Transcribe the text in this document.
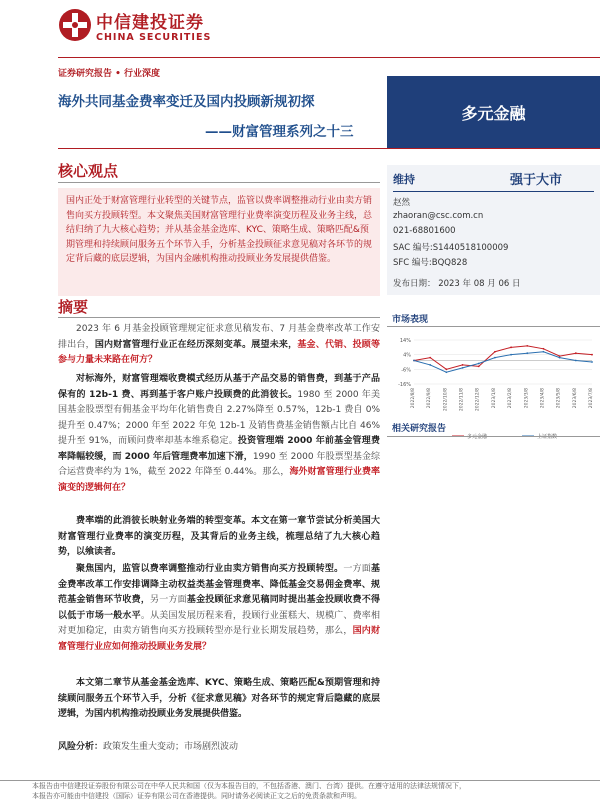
中信建投证券
CHINA SECURITIES
证券研究报告 • 行业深度
海外共同基金费率变迁及国内投顾新规初探
——财富管理系列之十三
多元金融
核心观点
国内正处于财富管理行业转型的关键节点，监管以费率调整推动行业由卖方销售向买方投顾转型。本文聚焦美国财富管理行业费率演变历程及业务主线，总结归纳了九大核心趋势；并从基金基金选库、KYC、策略生成、策略匹配&预期管理和持续顾问服务五个环节入手，分析基金投顾征求意见稿对各环节的规定背后藏的底层逻辑，为国内金融机构推动投顾业务发展提供借鉴。
摘要
2023 年 6 月基金投顾管理规定征求意见稿发布、7 月基金费率改革工作安排出台，国内财富管理行业正在经历深刻变革。展望未来，基金、代销、投顾等参与力量未来路在何方？
对标海外，财富管理端收费模式经历从基于产品交易的销售费，到基于产品保有的 12b-1 费、再到基于客户账户投顾费的此消彼长。1980 至 2000 年美国基金股票型有佣基金平均年化销售费自 2.27%降至 0.57%，12b-1 费自 0%提升至 0.47%；2000 年至 2022 年免 12b-1 及销售费基金销售额占比自 46%提升至 91%，而顾问费率却基本维系稳定。投资管理端 2000 年前基金管理费率降幅较缓，而 2000 年后管理费率加速下滑，1990 至 2000 年股票型基金综合运营费率约为 1%，截至 2022 年降至 0.44%。那么，海外财富管理行业费率演变的逻辑何在？
费率端的此消彼长映射业务端的转型变革。本文在第一章节尝试分析美国大财富管理行业费率的演变历程，及其背后的业务主线，梳理总结了九大核心趋势，以飨读者。
聚焦国内，监管以费率调整推动行业由卖方销售向买方投顾转型。一方面基金费率改革工作安排调降主动权益类基金管理费率、降低基金交易佣金费率、规范基金销售环节收费，另一方面基金投顾征求意见稿同时提出基金投顾收费不得以低于市场一般水平。从美国发展历程来看，投顾行业蛋糕大、规模广、费率相对更加稳定，由卖方销售向买方投顾转型亦是行业长期发展趋势，那么，国内财富管理行业应如何推动投顾业务发展？
本文第二章节从基金基金选库、KYC、策略生成、策略匹配&预期管理和持续顾问服务五个环节入手，分析《征求意见稿》对各环节的规定背后隐藏的底层逻辑，为国内机构推动投顾业务发展提供借鉴。
风险分析：政策发生重大变动；市场剧烈波动
维持	强于大市
赵然
zhaoran@csc.com.cn
021-68801600
SAC 编号:S1440518100009
SFC 编号:BQQ828
发布日期： 2023 年 08 月 06 日
市场表现
14%
4%
-6%
-16%
2022/8/8 2022/9/8 2022/10/8 2022/11/8 2022/12/8 2023/1/8 2023/2/8 2023/3/8 2023/4/8 2023/5/8 2023/6/8 2023/7/8
多元金融	上证指数
相关研究报告
本报告由中信建投证券股份有限公司在中华人民共和国（仅为本报告目的，不包括香港、澳门、台湾）提供。在遵守适用的法律法规情况下，
本报告亦可能由中信建投（国际）证券有限公司在香港提供。同时请务必阅读正文之后的免责条款和声明。
